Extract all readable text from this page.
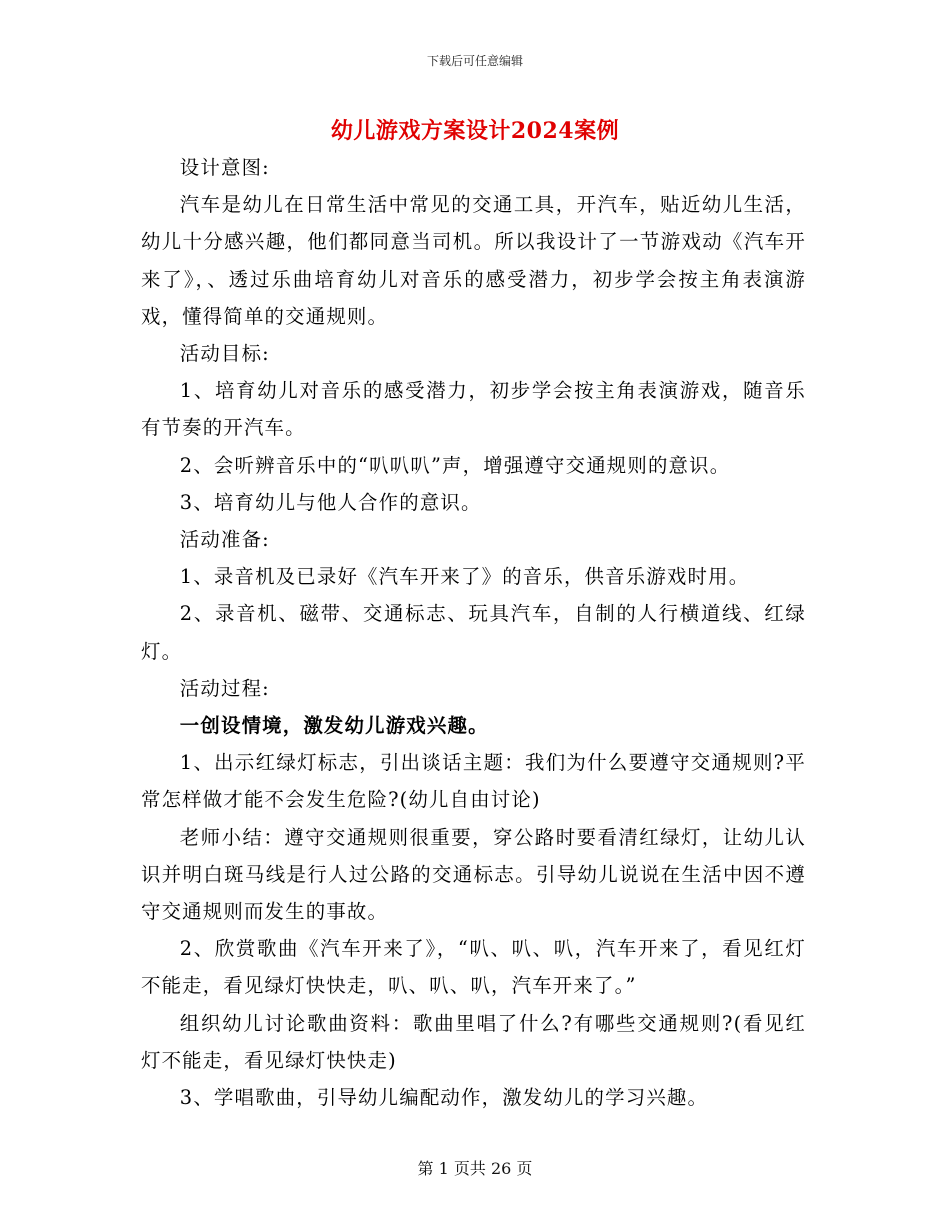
下载后可任意编辑
幼儿游戏方案设计2024案例

设计意图:

汽车是幼儿在日常生活中常见的交通工具，开汽车，贴近幼儿生活，幼儿十分感兴趣，他们都同意当司机。所以我设计了一节游戏动《汽车开来了》，、透过乐曲培育幼儿对音乐的感受潜力，初步学会按主角表演游戏，懂得简单的交通规则。

活动目标:

1、培育幼儿对音乐的感受潜力，初步学会按主角表演游戏，随音乐有节奏的开汽车。

2、会听辨音乐中的“叭叭叭”声，增强遵守交通规则的意识。

3、培育幼儿与他人合作的意识。

活动准备:

1、录音机及已录好《汽车开来了》的音乐，供音乐游戏时用。

2、录音机、磁带、交通标志、玩具汽车，自制的人行横道线、红绿灯。

活动过程:

一创设情境，激发幼儿游戏兴趣。

1、出示红绿灯标志，引出谈话主题：我们为什么要遵守交通规则?平常怎样做才能不会发生危险?(幼儿自由讨论)

老师小结：遵守交通规则很重要，穿公路时要看清红绿灯，让幼儿认识并明白斑马线是行人过公路的交通标志。引导幼儿说说在生活中因不遵守交通规则而发生的事故。

2、欣赏歌曲《汽车开来了》，“叭、叭、叭，汽车开来了，看见红灯不能走，看见绿灯快快走，叭、叭、叭，汽车开来了。”

组织幼儿讨论歌曲资料：歌曲里唱了什么?有哪些交通规则?(看见红灯不能走，看见绿灯快快走)

3、学唱歌曲，引导幼儿编配动作，激发幼儿的学习兴趣。

第 1 页共 26 页
